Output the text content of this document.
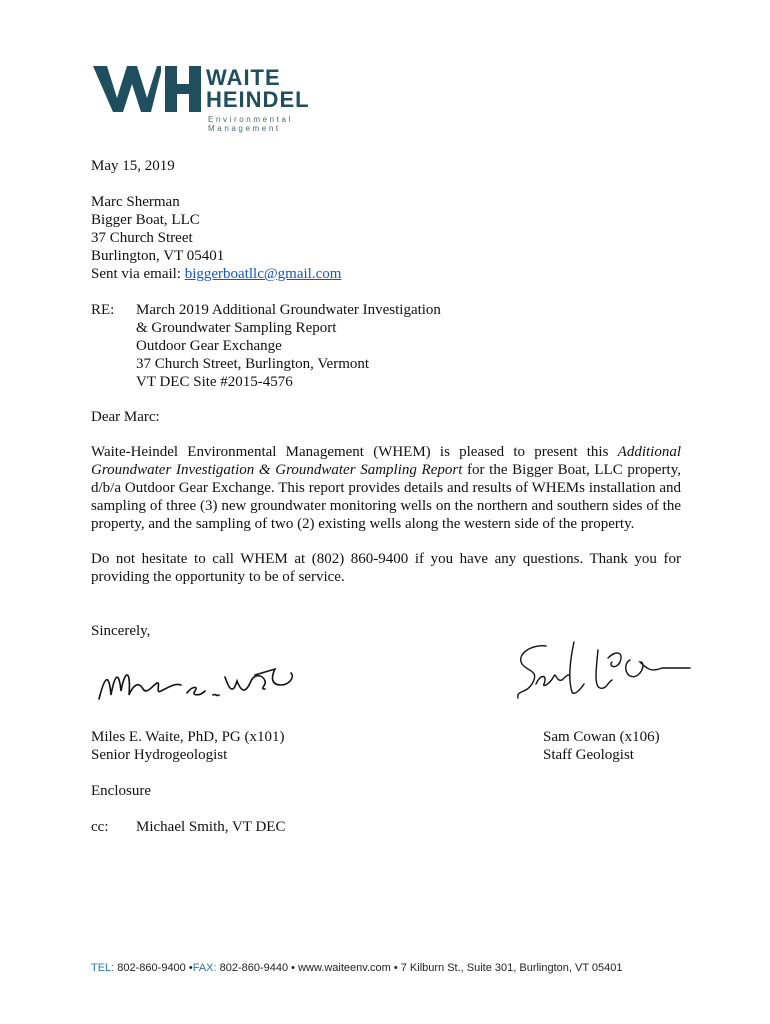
WAITE
HEINDEL
Environmental Management
May 15, 2019
Marc Sherman
Bigger Boat, LLC
37 Church Street
Burlington, VT 05401
Sent via email: biggerboatllc@gmail.com
RE: March 2019 Additional Groundwater Investigation
& Groundwater Sampling Report
Outdoor Gear Exchange
37 Church Street, Burlington, Vermont
VT DEC Site #2015-4576
Dear Marc:
Waite-Heindel Environmental Management (WHEM) is pleased to present this Additional Groundwater Investigation & Groundwater Sampling Report for the Bigger Boat, LLC property, d/b/a Outdoor Gear Exchange. This report provides details and results of WHEMs installation and sampling of three (3) new groundwater monitoring wells on the northern and southern sides of the property, and the sampling of two (2) existing wells along the western side of the property.
Do not hesitate to call WHEM at (802) 860-9400 if you have any questions. Thank you for providing the opportunity to be of service.
Sincerely,
Miles E. Waite, PhD, PG (x101)
Senior Hydrogeologist
Sam Cowan (x106)
Staff Geologist
Enclosure
cc: Michael Smith, VT DEC
TEL: 802-860-9400 •FAX: 802-860-9440 • www.waiteenv.com • 7 Kilburn St., Suite 301, Burlington, VT 05401
